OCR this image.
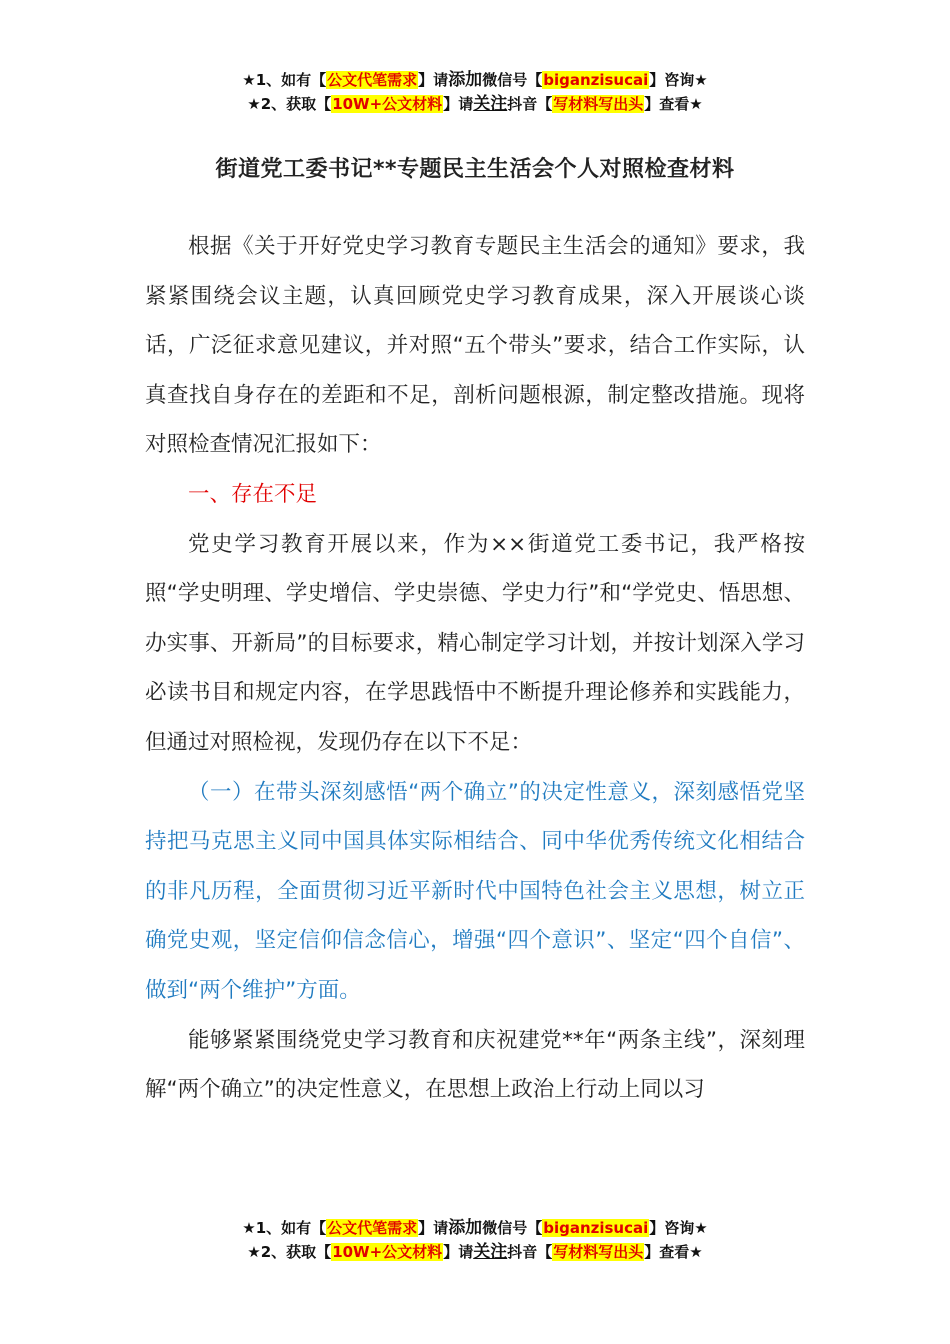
★1、如有【公文代笔需求】请添加微信号【biganzisucai】咨询★
★2、获取【10W+公文材料】请关注抖音【写材料写出头】查看★
街道党工委书记**专题民主生活会个人对照检查材料

根据《关于开好党史学习教育专题民主生活会的通知》要求，我紧紧围绕会议主题，认真回顾党史学习教育成果，深入开展谈心谈话，广泛征求意见建议，并对照“五个带头”要求，结合工作实际，认真查找自身存在的差距和不足，剖析问题根源，制定整改措施。现将对照检查情况汇报如下：

一、存在不足

党史学习教育开展以来，作为××街道党工委书记，我严格按照“学史明理、学史增信、学史崇德、学史力行”和“学党史、悟思想、办实事、开新局”的目标要求，精心制定学习计划，并按计划深入学习必读书目和规定内容，在学思践悟中不断提升理论修养和实践能力，但通过对照检视，发现仍存在以下不足：

（一）在带头深刻感悟“两个确立”的决定性意义，深刻感悟党坚持把马克思主义同中国具体实际相结合、同中华优秀传统文化相结合的非凡历程，全面贯彻习近平新时代中国特色社会主义思想，树立正确党史观，坚定信仰信念信心，增强“四个意识”、坚定“四个自信”、做到“两个维护”方面。

能够紧紧围绕党史学习教育和庆祝建党**年“两条主线”，深刻理解“两个确立”的决定性意义，在思想上政治上行动上同以习

★1、如有【公文代笔需求】请添加微信号【biganzisucai】咨询★
★2、获取【10W+公文材料】请关注抖音【写材料写出头】查看★
